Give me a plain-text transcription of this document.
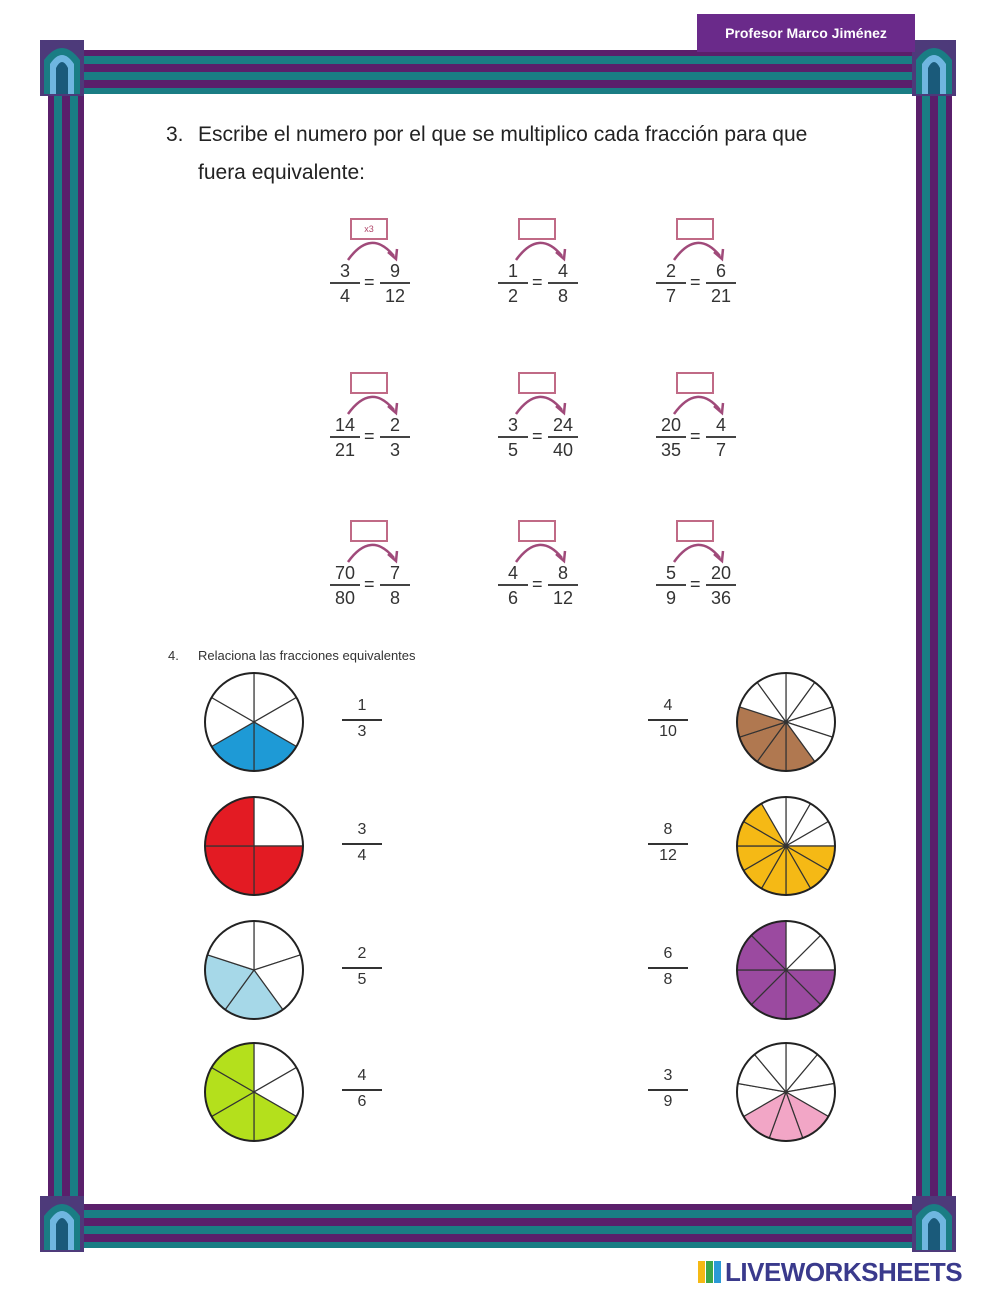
Profesor Marco Jiménez
3. Escribe el numero por el que se multiplico cada fracción para que fuera equivalente:
x3
$\frac{3}{4} = \frac{9}{12}$	$\frac{1}{2} = \frac{4}{8}$	$\frac{2}{7} = \frac{6}{21}$
$\frac{14}{21} = \frac{2}{3}$	$\frac{3}{5} = \frac{24}{40}$	$\frac{20}{35} = \frac{4}{7}$
$\frac{70}{80} = \frac{7}{8}$	$\frac{4}{6} = \frac{8}{12}$	$\frac{5}{9} = \frac{20}{36}$
4. Relaciona las fracciones equivalentes
$\frac{1}{3}$
$\frac{3}{4}$
$\frac{2}{5}$
$\frac{4}{6}$
$\frac{4}{10}$
$\frac{8}{12}$
$\frac{6}{8}$
$\frac{3}{9}$
LIVEWORKSHEETS
